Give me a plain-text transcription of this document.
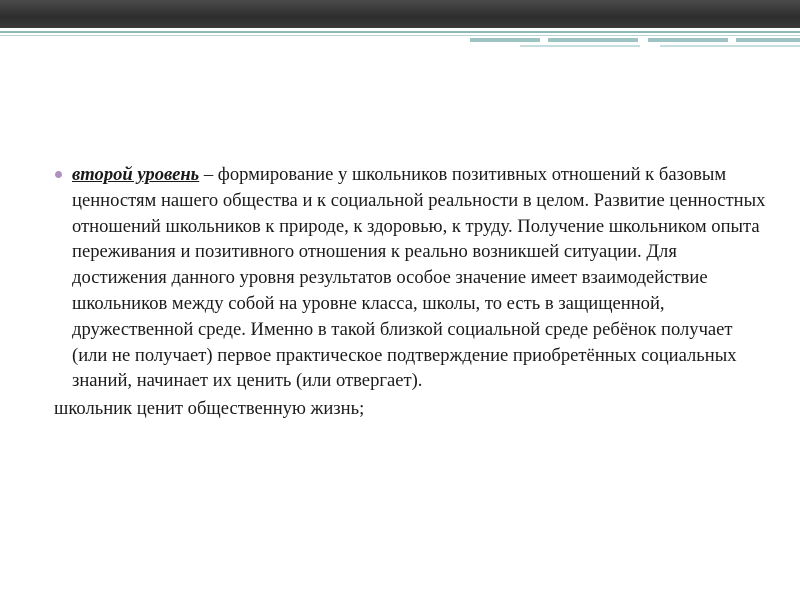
второй уровень – формирование у школьников позитивных отношений к базовым ценностям нашего общества и к социальной реальности в целом. Развитие ценностных отношений школьников к природе, к здоровью, к труду. Получение школьником опыта переживания и позитивного отношения к реально возникшей ситуации. Для достижения данного уровня результатов особое значение имеет взаимодействие школьников между собой на уровне класса, школы, то есть в защищенной, дружественной среде. Именно в такой близкой социальной среде ребёнок получает (или не получает) первое практическое подтверждение приобретённых социальных знаний, начинает их ценить (или отвергает).
школьник ценит общественную жизнь;
